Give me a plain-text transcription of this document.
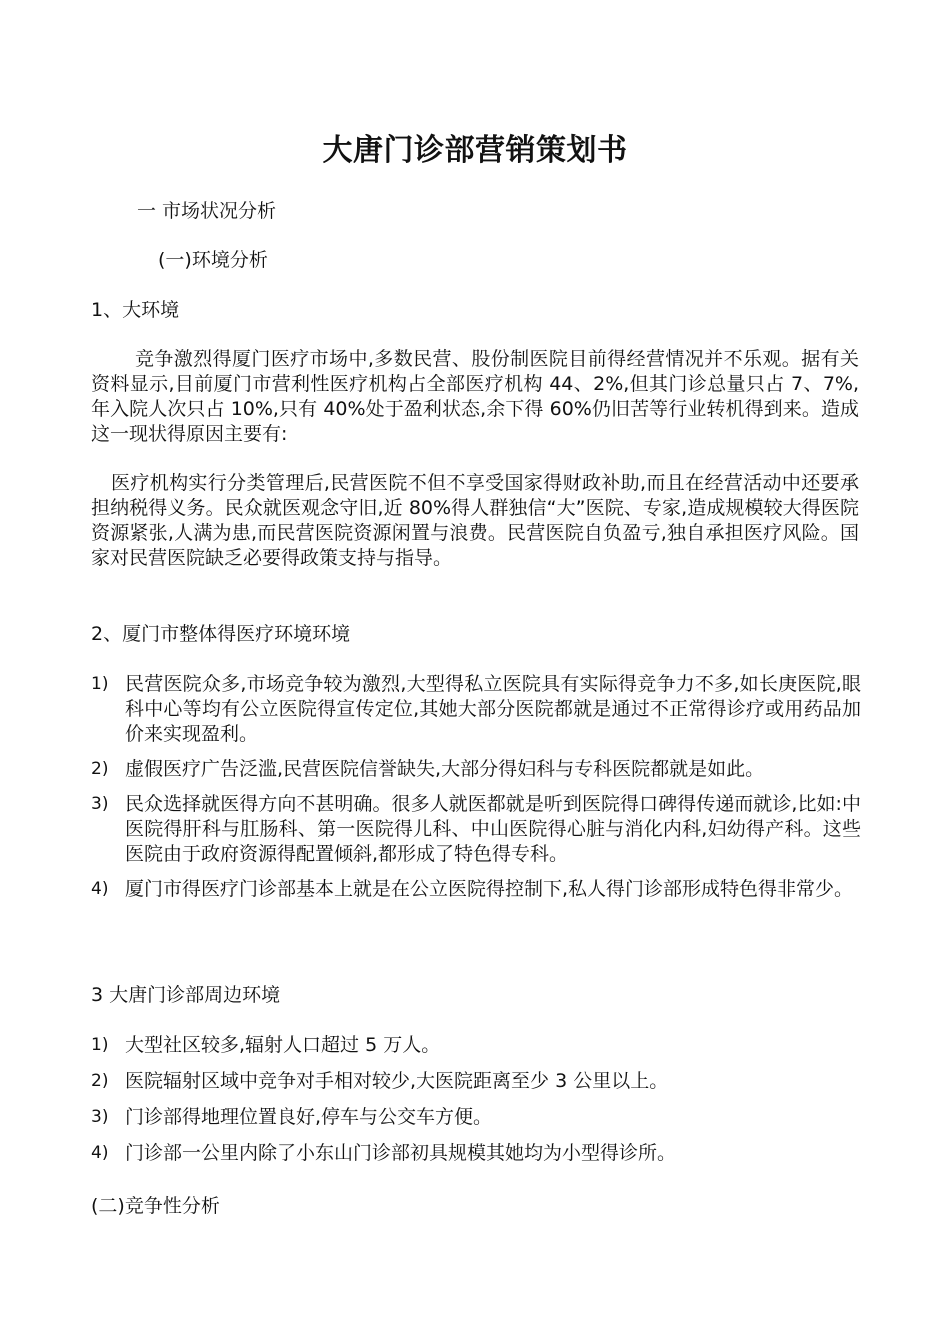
大唐门诊部营销策划书
一 市场状况分析
(一)环境分析
1、大环境
竞争激烈得厦门医疗市场中,多数民营、股份制医院目前得经营情况并不乐观。据有关资料显示,目前厦门市营利性医疗机构占全部医疗机构 44、2%,但其门诊总量只占 7、7%,年入院人次只占 10%,只有 40%处于盈利状态,余下得 60%仍旧苦等行业转机得到来。造成这一现状得原因主要有:
医疗机构实行分类管理后,民营医院不但不享受国家得财政补助,而且在经营活动中还要承担纳税得义务。民众就医观念守旧,近 80%得人群独信“大”医院、专家,造成规模较大得医院资源紧张,人满为患,而民营医院资源闲置与浪费。民营医院自负盈亏,独自承担医疗风险。国家对民营医院缺乏必要得政策支持与指导。
2、厦门市整体得医疗环境环境
1) 民营医院众多,市场竞争较为激烈,大型得私立医院具有实际得竞争力不多,如长庚医院,眼科中心等均有公立医院得宣传定位,其她大部分医院都就是通过不正常得诊疗或用药品加价来实现盈利。
2) 虚假医疗广告泛滥,民营医院信誉缺失,大部分得妇科与专科医院都就是如此。
3) 民众选择就医得方向不甚明确。很多人就医都就是听到医院得口碑得传递而就诊,比如:中医院得肝科与肛肠科、第一医院得儿科、中山医院得心脏与消化内科,妇幼得产科。这些医院由于政府资源得配置倾斜,都形成了特色得专科。
4) 厦门市得医疗门诊部基本上就是在公立医院得控制下,私人得门诊部形成特色得非常少。
3 大唐门诊部周边环境
1) 大型社区较多,辐射人口超过 5 万人。
2) 医院辐射区域中竞争对手相对较少,大医院距离至少 3 公里以上。
3) 门诊部得地理位置良好,停车与公交车方便。
4) 门诊部一公里内除了小东山门诊部初具规模其她均为小型得诊所。
(二)竞争性分析
